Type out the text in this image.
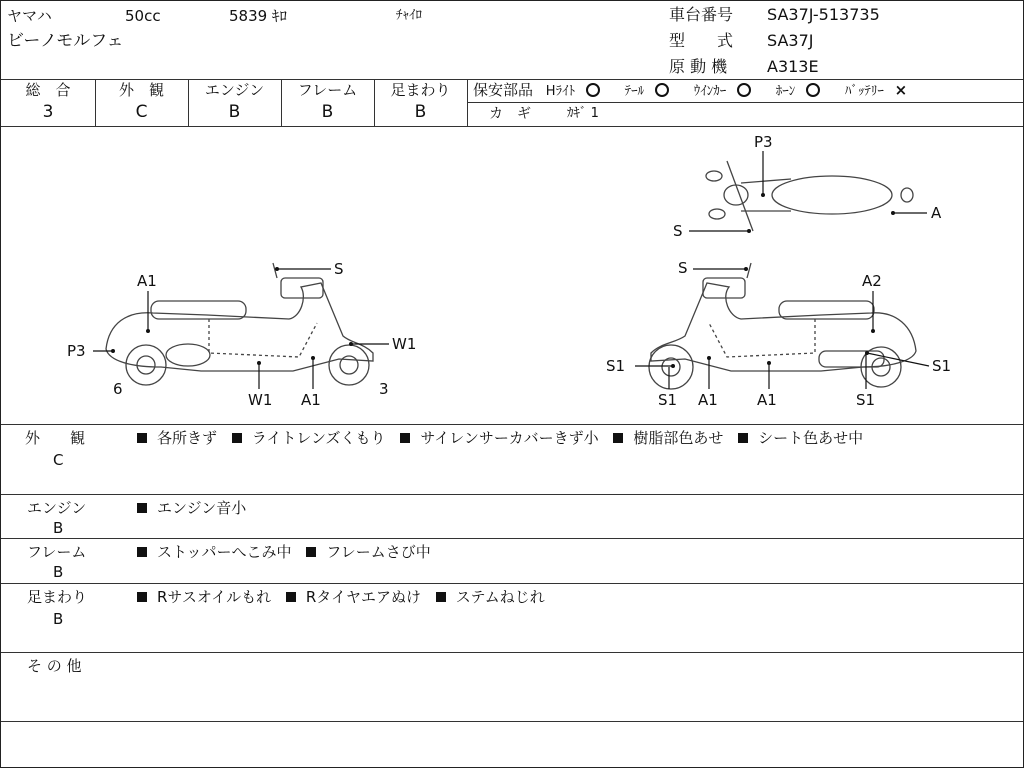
ヤマハ	50cc	5839 ｷﾛ	ﾁｬｲﾛ
ビーノモルフェ
車台番号 SA37J-513735
型　　式 SA37J
原 動 機 A313E
総　合
3
外　観
C
エンジン
B
フレーム
B
足まわり
B
保安部品 Hﾗｲﾄ	ﾃｰﾙ	ｳｲﾝｶｰ	ﾎｰﾝ	ﾊﾞｯﾃﾘｰ ×
カ　ギ	ｶｷﾞ 1
A1
S
P3	W1
6
W1 A1
3
P3
A
S
S
A2
S1	S1
S1 A1	A1	S1
外　　観
C
各所きず
ライトレンズくもり
サイレンサーカバーきず小
樹脂部色あせ
シート色あせ中
エンジン
B
エンジン音小
フレーム
B
ストッパーへこみ中
フレームさび中
足まわり
B
Rサスオイルもれ
Rタイヤエアぬけ
ステムねじれ
そ の 他
